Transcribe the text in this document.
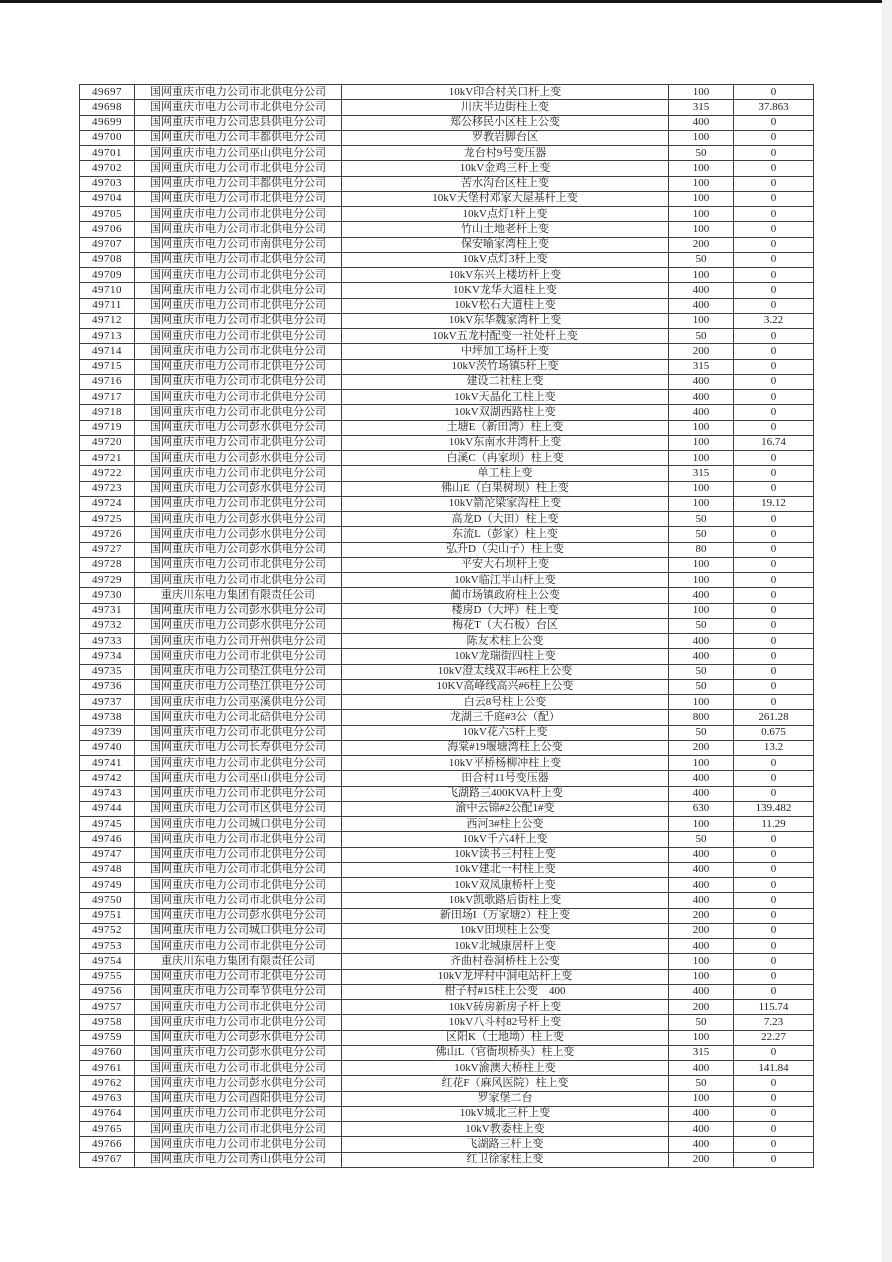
49697	国网重庆市电力公司市北供电分公司	10kV印合村关口杆上变	100	0
49698	国网重庆市电力公司市北供电分公司	川庆半边街柱上变	315	37.863
49699	国网重庆市电力公司忠县供电分公司	郑公移民小区柱上公变	400	0
49700	国网重庆市电力公司丰都供电分公司	罗教岩脚台区	100	0
49701	国网重庆市电力公司巫山供电分公司	龙台村9号变压器	50	0
49702	国网重庆市电力公司市北供电分公司	10kV金鸡三杆上变	100	0
49703	国网重庆市电力公司丰都供电分公司	苦水沟台区柱上变	100	0
49704	国网重庆市电力公司市北供电分公司	10kV天堡村邓家大屋基杆上变	100	0
49705	国网重庆市电力公司市北供电分公司	10kV点灯1杆上变	100	0
49706	国网重庆市电力公司市北供电分公司	竹山土地老杆上变	100	0
49707	国网重庆市电力公司市南供电分公司	保安喻家湾柱上变	200	0
49708	国网重庆市电力公司市北供电分公司	10kV点灯3杆上变	50	0
49709	国网重庆市电力公司市北供电分公司	10kV东兴上楼坊杆上变	100	0
49710	国网重庆市电力公司市北供电分公司	10KV龙华大道柱上变	400	0
49711	国网重庆市电力公司市北供电分公司	10kV松石大道柱上变	400	0
49712	国网重庆市电力公司市北供电分公司	10kV东华魏家湾杆上变	100	3.22
49713	国网重庆市电力公司市北供电分公司	10kV五龙村配变一社处杆上变	50	0
49714	国网重庆市电力公司市北供电分公司	中坪加工场杆上变	200	0
49715	国网重庆市电力公司市北供电分公司	10kV茨竹场镇5杆上变	315	0
49716	国网重庆市电力公司市北供电分公司	建设二社柱上变	400	0
49717	国网重庆市电力公司市北供电分公司	10kV天晶化工柱上变	400	0
49718	国网重庆市电力公司市北供电分公司	10kV双湖西路柱上变	400	0
49719	国网重庆市电力公司彭水供电分公司	土塘E（新田湾）柱上变	100	0
49720	国网重庆市电力公司市北供电分公司	10kV东南水井湾杆上变	100	16.74
49721	国网重庆市电力公司彭水供电分公司	白溪C（冉家坝）柱上变	100	0
49722	国网重庆市电力公司市北供电分公司	单工柱上变	315	0
49723	国网重庆市电力公司彭水供电分公司	佛山E（白果树坝）柱上变	100	0
49724	国网重庆市电力公司市北供电分公司	10kV箭沱梁家沟柱上变	100	19.12
49725	国网重庆市电力公司彭水供电分公司	高龙D（大田）柱上变	50	0
49726	国网重庆市电力公司彭水供电分公司	东流L（彭家）柱上变	50	0
49727	国网重庆市电力公司彭水供电分公司	弘升D（尖山子）柱上变	80	0
49728	国网重庆市电力公司市北供电分公司	平安大石坝杆上变	100	0
49729	国网重庆市电力公司市北供电分公司	10kV临江半山杆上变	100	0
49730	重庆川东电力集团有限责任公司	蔺市场镇政府柱上公变	400	0
49731	国网重庆市电力公司彭水供电分公司	楼房D（大坪）柱上变	100	0
49732	国网重庆市电力公司彭水供电分公司	梅花T（大石板）台区	50	0
49733	国网重庆市电力公司开州供电分公司	陈友术柱上公变	400	0
49734	国网重庆市电力公司市北供电分公司	10kV龙瑞街四柱上变	400	0
49735	国网重庆市电力公司垫江供电分公司	10kV澄太线双丰#6柱上公变	50	0
49736	国网重庆市电力公司垫江供电分公司	10KV高峰线高兴#6柱上公变	50	0
49737	国网重庆市电力公司巫溪供电分公司	白云8号柱上公变	100	0
49738	国网重庆市电力公司北碚供电分公司	龙湖三千庭#3公（配）	800	261.28
49739	国网重庆市电力公司市北供电分公司	10kV花六5杆上变	50	0.675
49740	国网重庆市电力公司长寿供电分公司	海棠#19堰塘湾柱上公变	200	13.2
49741	国网重庆市电力公司市北供电分公司	10kV平桥杨柳冲柱上变	100	0
49742	国网重庆市电力公司巫山供电分公司	田合村11号变压器	400	0
49743	国网重庆市电力公司市北供电分公司	飞湖路三400KVA杆上变	400	0
49744	国网重庆市电力公司市区供电分公司	渝中云锦#2公配1#变	630	139.482
49745	国网重庆市电力公司城口供电分公司	西河3#柱上公变	100	11.29
49746	国网重庆市电力公司市北供电分公司	10kV千六4杆上变	50	0
49747	国网重庆市电力公司市北供电分公司	10kV读书三村柱上变	400	0
49748	国网重庆市电力公司市北供电分公司	10kV建北一村柱上变	400	0
49749	国网重庆市电力公司市北供电分公司	10kV双凤康桥杆上变	400	0
49750	国网重庆市电力公司市北供电分公司	10kV凯歌路后街柱上变	400	0
49751	国网重庆市电力公司彭水供电分公司	新田场I（万家塘2）柱上变	200	0
49752	国网重庆市电力公司城口供电分公司	10kV田坝柱上公变	200	0
49753	国网重庆市电力公司市北供电分公司	10kV北城康居杆上变	400	0
49754	重庆川东电力集团有限责任公司	齐曲村卷洞桥柱上公变	100	0
49755	国网重庆市电力公司市北供电分公司	10kV龙坪村中洞电站杆上变	100	0
49756	国网重庆市电力公司奉节供电分公司	柑子村#15柱上公变　400	400	0
49757	国网重庆市电力公司市北供电分公司	10kV砖房新房子杆上变	200	115.74
49758	国网重庆市电力公司市北供电分公司	10kV八斗村82号杆上变	50	7.23
49759	国网重庆市电力公司彭水供电分公司	区阳K（土地坳）柱上变	100	22.27
49760	国网重庆市电力公司彭水供电分公司	佛山L（官衙坝桥头）柱上变	315	0
49761	国网重庆市电力公司市北供电分公司	10kV渝澳大桥柱上变	400	141.84
49762	国网重庆市电力公司彭水供电分公司	红花F（麻风医院）柱上变	50	0
49763	国网重庆市电力公司酉阳供电分公司	罗家堡二台	100	0
49764	国网重庆市电力公司市北供电分公司	10kV城北三杆上变	400	0
49765	国网重庆市电力公司市北供电分公司	10kV教委柱上变	400	0
49766	国网重庆市电力公司市北供电分公司	飞湖路三杆上变	400	0
49767	国网重庆市电力公司秀山供电分公司	红卫徐家柱上变	200	0
